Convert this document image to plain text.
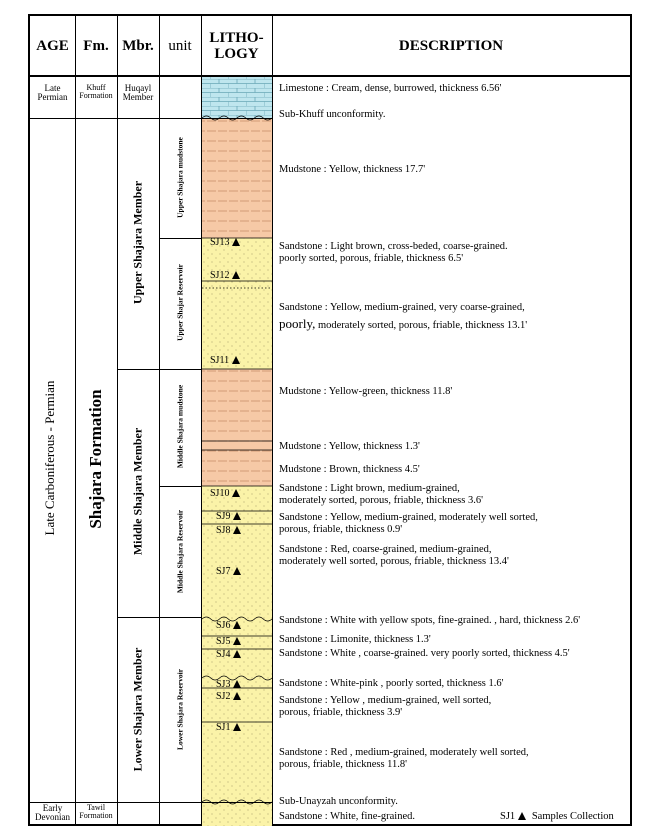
AGE Fm. Mbr. unit
LITHO-
LOGY
DESCRIPTION
Late
Permian
Khuff
Formation
Huqayl
Member
Early
Devonian
Tawil
Formation
Late Carboniferous - Permian Shajara Formation
Upper Shajara Member
Middle Shajara Member
Lower Shajara Member
Upper Shajara mudstone
Upper Shajar Reservoir
Middle Shajara mudstone
Middle Shajara Reservoir
Lower Shajara Reservoir
SJ13
SJ12
SJ11
SJ10
SJ9
SJ8
SJ7
SJ6
SJ5
SJ4
SJ3
SJ2
SJ1
Limestone : Cream, dense, burrowed, thickness 6.56'
Sub-Khuff unconformity.
Mudstone : Yellow, thickness 17.7'
Sandstone : Light brown, cross-beded, coarse-grained.
poorly sorted, porous, friable, thickness 6.5'
Sandstone : Yellow, medium-grained, very coarse-grained,
poorly, moderately sorted, porous, friable, thickness 13.1'
Mudstone : Yellow-green, thickness 11.8'
Mudstone : Yellow, thickness 1.3'
Mudstone : Brown, thickness 4.5'
Sandstone : Light brown, medium-grained,
moderately sorted, porous, friable, thickness 3.6'
Sandstone : Yellow, medium-grained, moderately well sorted,
porous, friable, thickness 0.9'
Sandstone : Red, coarse-grained, medium-grained,
moderately well sorted, porous, friable, thickness 13.4'
Sandstone : White with yellow spots, fine-grained. , hard, thickness 2.6'
Sandstone : Limonite, thickness 1.3'
Sandstone : White , coarse-grained. very poorly sorted, thickness 4.5'
Sandstone : White-pink , poorly sorted, thickness 1.6'
Sandstone : Yellow , medium-grained, well sorted,
porous, friable, thickness 3.9'
Sandstone : Red , medium-grained, moderately well sorted,
porous, friable, thickness 11.8'
Sub-Unayzah unconformity.
Sandstone : White, fine-grained.	SJ1 Samples Collection
